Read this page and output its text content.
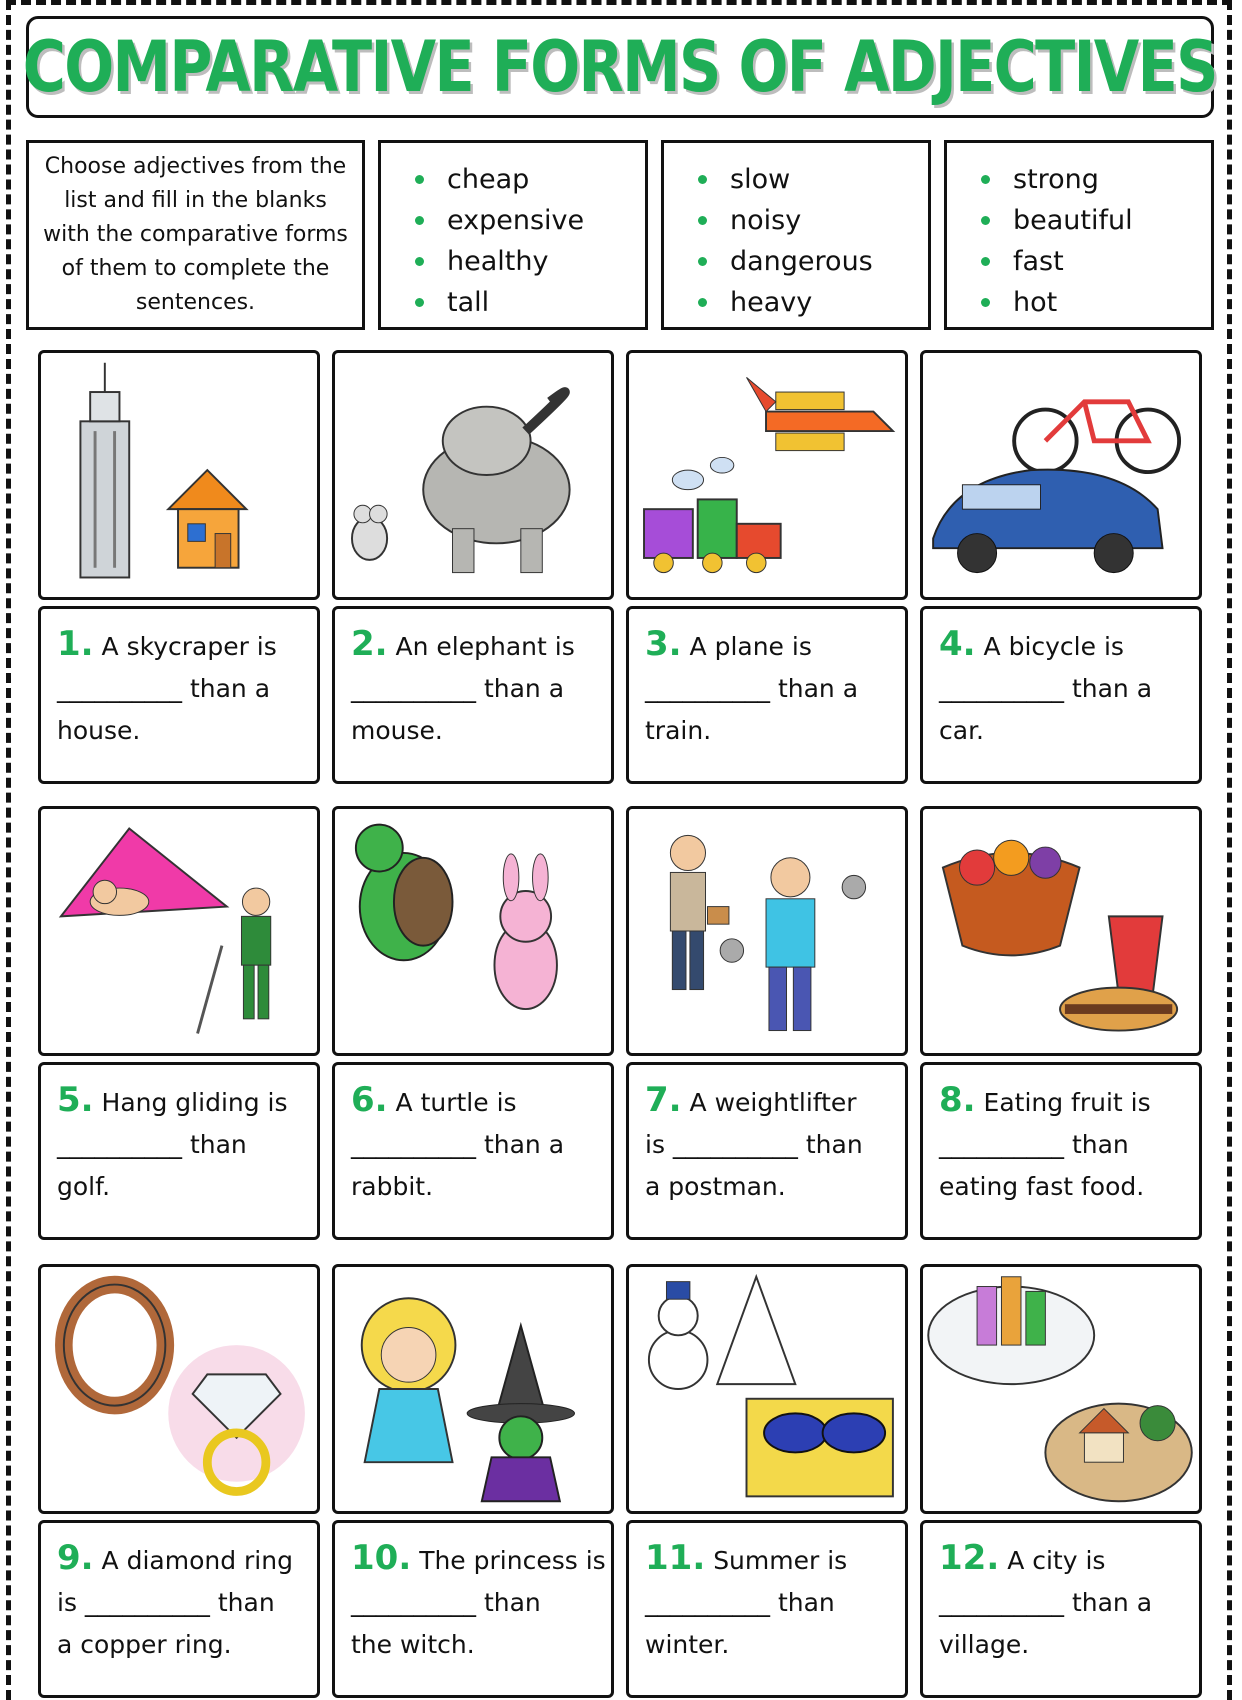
COMPARATIVE FORMS OF ADJECTIVES
Choose adjectives from the list and fill in the blanks with the comparative forms of them to complete the sentences.
cheap
expensive
healthy
tall
slow
noisy
dangerous
heavy
strong
beautiful
fast
hot
1. A skycraper is
__________ than a
house.
2. An elephant is
__________ than a
mouse.
3. A plane is
__________ than a
train.
4. A bicycle is
__________ than a
car.
5. Hang gliding is
__________ than
golf.
6. A turtle is
__________ than a
rabbit.
7. A weightlifter
is __________ than
a postman.
8. Eating fruit is
__________ than
eating fast food.
9. A diamond ring
is __________ than
a copper ring.
10. The princess is
__________ than
the witch.
11. Summer is
__________ than
winter.
12. A city is
__________ than a
village.
